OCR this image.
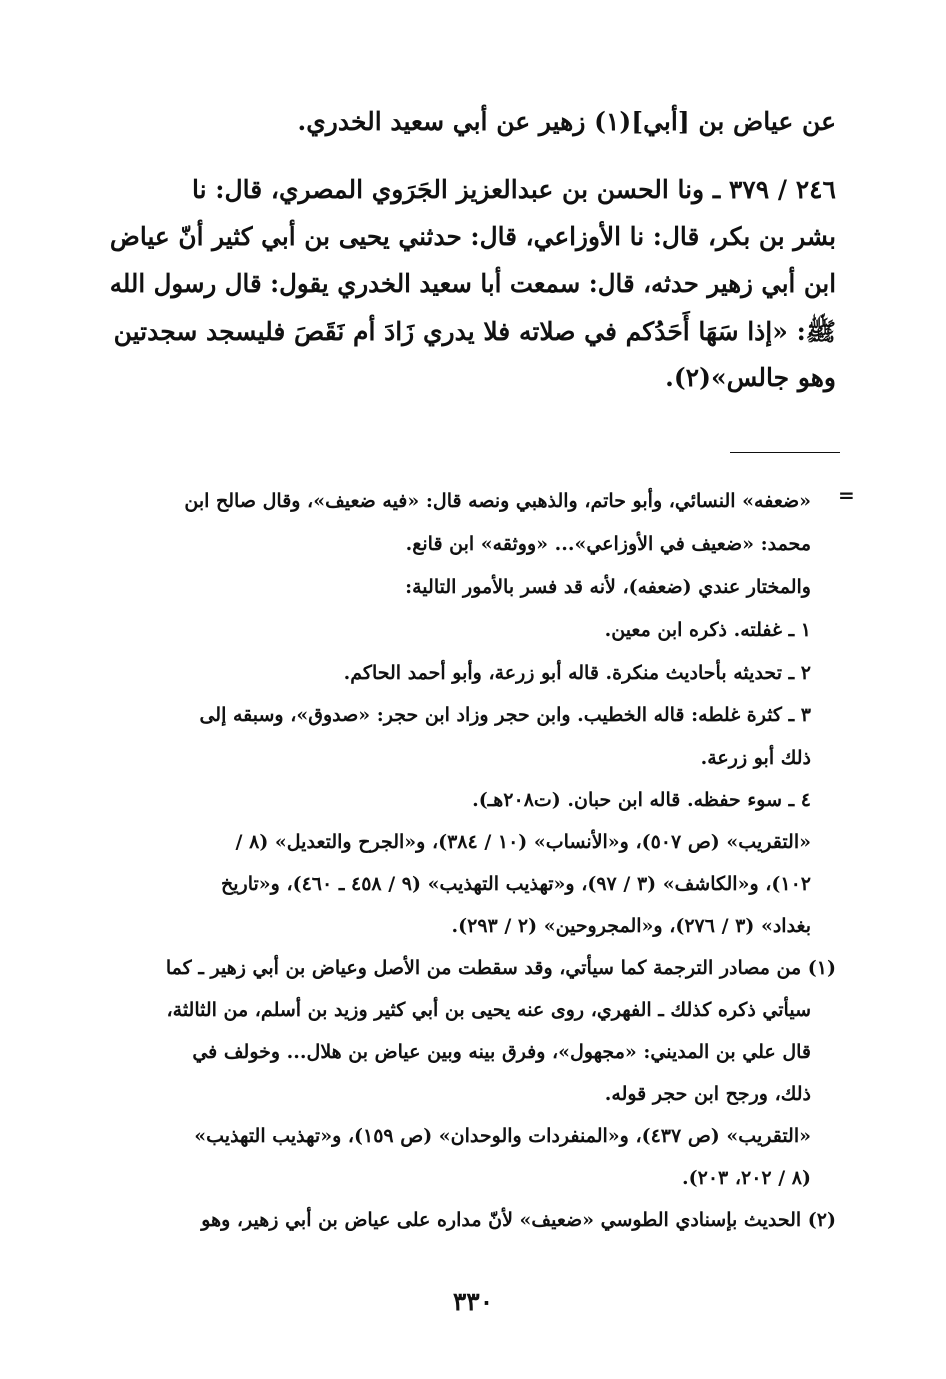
عن عياض بن [أبي](١) زهير عن أبي سعيد الخدري.
٢٤٦ / ٣٧٩ ـ ونا الحسن بن عبدالعزيز الجَرَوي المصري، قال: نا
بشر بن بكر، قال: نا الأوزاعي، قال: حدثني يحيى بن أبي كثير أنّ عياض
ابن أبي زهير حدثه، قال: سمعت أبا سعيد الخدري يقول: قال رسول الله
ﷺ: «إذا سَهَا أَحَدُكم في صلاته فلا يدري زَادَ أم نَقَصَ فليسجد سجدتين
وهو جالس»(٢).
=
«ضعفه» النسائي، وأبو حاتم، والذهبي ونصه قال: «فيه ضعيف»، وقال صالح ابن
محمد: «ضعيف في الأوزاعي»... «ووثقه» ابن قانع.
والمختار عندي (ضعفه)، لأنه قد فسر بالأمور التالية:
١ ـ غفلته. ذكره ابن معين.
٢ ـ تحديثه بأحاديث منكرة. قاله أبو زرعة، وأبو أحمد الحاكم.
٣ ـ كثرة غلطه: قاله الخطيب. وابن حجر وزاد ابن حجر: «صدوق»، وسبقه إلى
ذلك أبو زرعة.
٤ ـ سوء حفظه. قاله ابن حبان. (ت٢٠٨هـ).
«التقريب» (ص ٥٠٧)، و«الأنساب» (١٠ / ٣٨٤)، و«الجرح والتعديل» (٨ /
١٠٢)، و«الكاشف» (٣ / ٩٧)، و«تهذيب التهذيب» (٩ / ٤٥٨ ـ ٤٦٠)، و«تاريخ
بغداد» (٣ / ٢٧٦)، و«المجروحين» (٢ / ٢٩٣).
(١) من مصادر الترجمة كما سيأتي، وقد سقطت من الأصل وعياض بن أبي زهير ـ كما
سيأتي ذكره كذلك ـ الفهري، روى عنه يحيى بن أبي كثير وزيد بن أسلم، من الثالثة،
قال علي بن المديني: «مجهول»، وفرق بينه وبين عياض بن هلال... وخولف في
ذلك، ورجح ابن حجر قوله.
«التقريب» (ص ٤٣٧)، و«المنفردات والوحدان» (ص ١٥٩)، و«تهذيب التهذيب»
(٨ / ٢٠٢، ٢٠٣).
(٢) الحديث بإسنادي الطوسي «ضعيف» لأنّ مداره على عياض بن أبي زهير، وهو
٣٣٠
